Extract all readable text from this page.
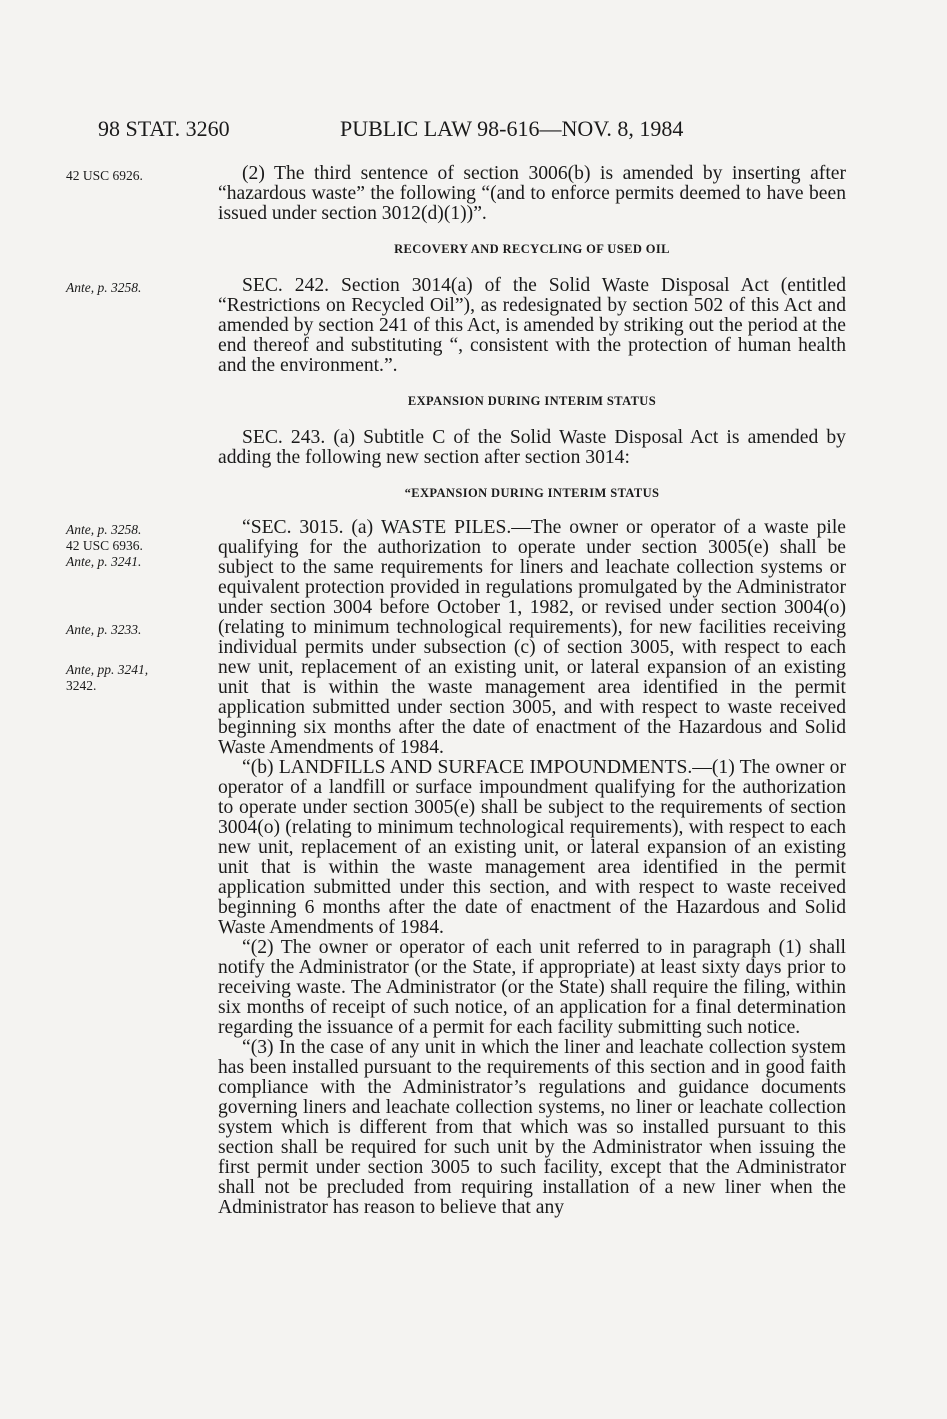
98 STAT. 3260	PUBLIC LAW 98-616—NOV. 8, 1984
42 USC 6926.
Ante, p. 3258.
Ante, p. 3258.
42 USC 6936.
Ante, p. 3241.
Ante, p. 3233.
Ante, pp. 3241,
3242.

(2) The third sentence of section 3006(b) is amended by inserting after “hazardous waste” the following “(and to enforce permits deemed to have been issued under section 3012(d)(1))”.

RECOVERY AND RECYCLING OF USED OIL

SEC. 242. Section 3014(a) of the Solid Waste Disposal Act (entitled “Restrictions on Recycled Oil”), as redesignated by section 502 of this Act and amended by section 241 of this Act, is amended by striking out the period at the end thereof and substituting “, consistent with the protection of human health and the environment.”.

EXPANSION DURING INTERIM STATUS

SEC. 243. (a) Subtitle C of the Solid Waste Disposal Act is amended by adding the following new section after section 3014:

“EXPANSION DURING INTERIM STATUS

“SEC. 3015. (a) WASTE PILES.—The owner or operator of a waste pile qualifying for the authorization to operate under section 3005(e) shall be subject to the same requirements for liners and leachate collection systems or equivalent protection provided in regulations promulgated by the Administrator under section 3004 before October 1, 1982, or revised under section 3004(o) (relating to minimum technological requirements), for new facilities receiving individual permits under subsection (c) of section 3005, with respect to each new unit, replacement of an existing unit, or lateral expansion of an existing unit that is within the waste management area identified in the permit application submitted under section 3005, and with respect to waste received beginning six months after the date of enactment of the Hazardous and Solid Waste Amendments of 1984.

“(b) LANDFILLS AND SURFACE IMPOUNDMENTS.—(1) The owner or operator of a landfill or surface impoundment qualifying for the authorization to operate under section 3005(e) shall be subject to the requirements of section 3004(o) (relating to minimum technological requirements), with respect to each new unit, replacement of an existing unit, or lateral expansion of an existing unit that is within the waste management area identified in the permit application submitted under this section, and with respect to waste received beginning 6 months after the date of enactment of the Hazardous and Solid Waste Amendments of 1984.

“(2) The owner or operator of each unit referred to in paragraph (1) shall notify the Administrator (or the State, if appropriate) at least sixty days prior to receiving waste. The Administrator (or the State) shall require the filing, within six months of receipt of such notice, of an application for a final determination regarding the issuance of a permit for each facility submitting such notice.

“(3) In the case of any unit in which the liner and leachate collection system has been installed pursuant to the requirements of this section and in good faith compliance with the Administrator’s regulations and guidance documents governing liners and leachate collection systems, no liner or leachate collection system which is different from that which was so installed pursuant to this section shall be required for such unit by the Administrator when issuing the first permit under section 3005 to such facility, except that the Administrator shall not be precluded from requiring installation of a new liner when the Administrator has reason to believe that any
